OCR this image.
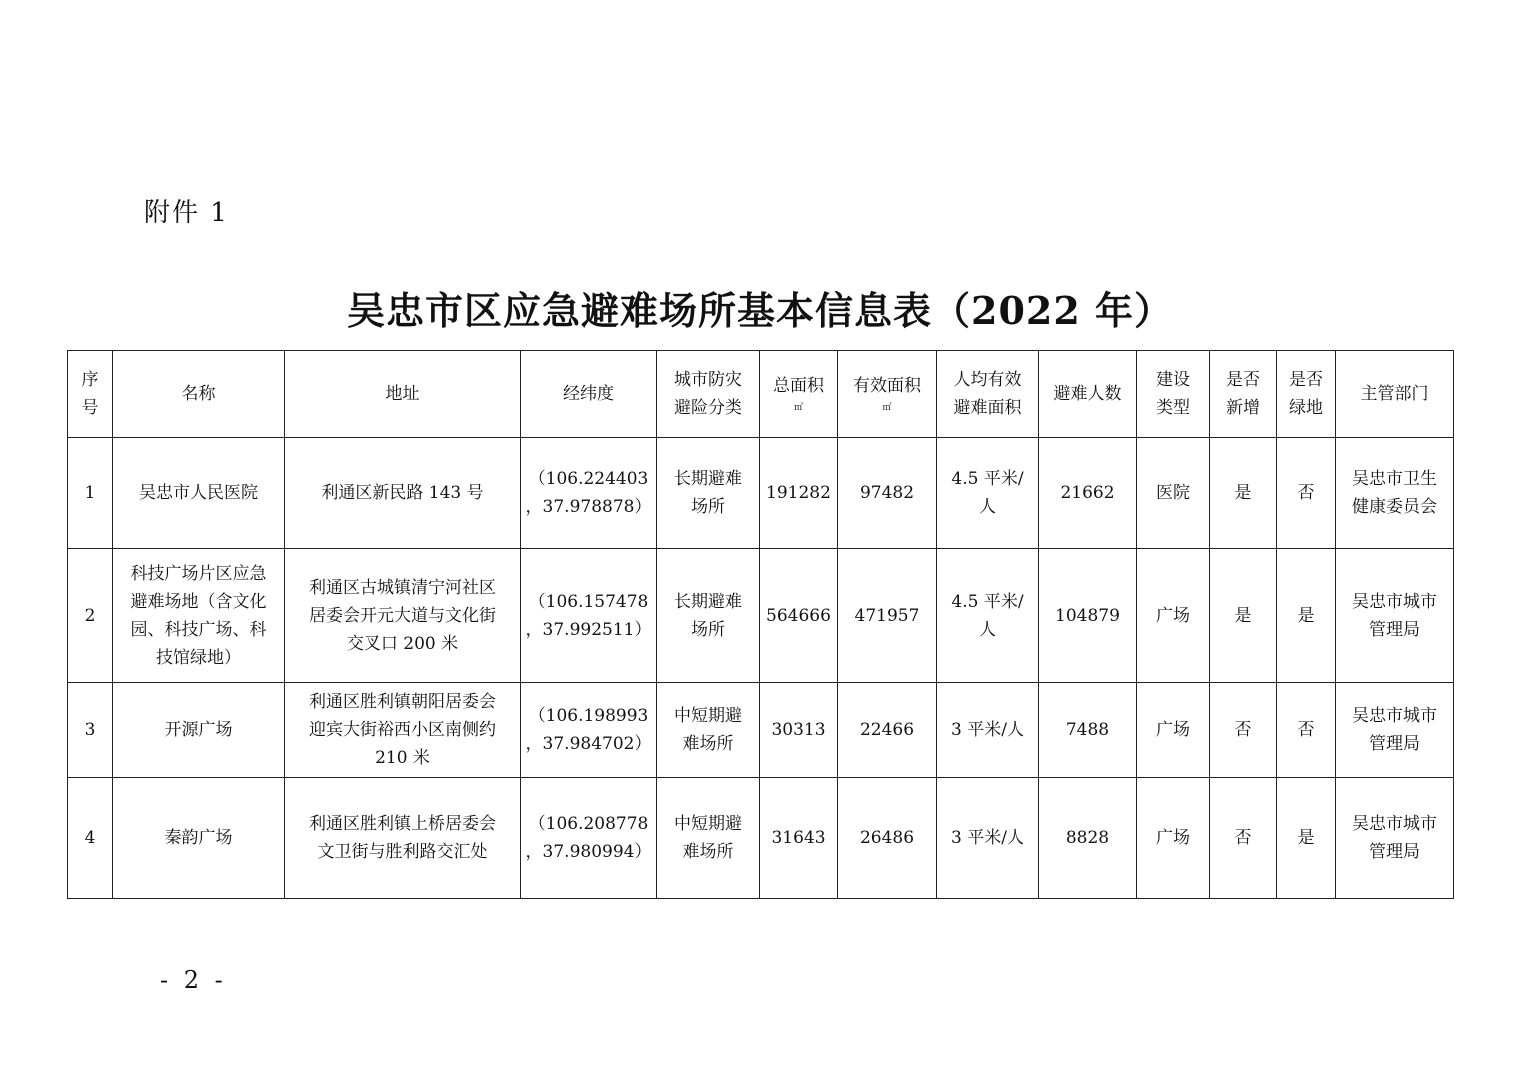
附件 1
吴忠市区应急避难场所基本信息表（2022 年）
序
号	名称	地址	经纬度	城市防灾
避险分类	总面积
㎡	有效面积
㎡	人均有效
避难面积	避难人数	建设
类型	是否
新增	是否
绿地	主管部门
1	吴忠市人民医院	利通区新民路 143 号	（106.224403
，37.978878）	长期避难
场所	191282	97482	4.5 平米/
人	21662	医院	是	否	吴忠市卫生
健康委员会

2	科技广场片区应急
避难场地（含文化
园、科技广场、科
技馆绿地）	利通区古城镇清宁河社区
居委会开元大道与文化街
交叉口 200 米	（106.157478
，37.992511）	长期避难
场所	564666	471957	4.5 平米/
人	104879	广场	是	是	吴忠市城市
管理局

3	开源广场	利通区胜利镇朝阳居委会
迎宾大街裕西小区南侧约
210 米	（106.198993
，37.984702）	中短期避
难场所	30313	22466	3 平米/人	7488	广场	否	否	吴忠市城市
管理局

4	秦韵广场	利通区胜利镇上桥居委会
文卫街与胜利路交汇处	（106.208778
，37.980994）	中短期避
难场所	31643	26486	3 平米/人	8828	广场	否	是	吴忠市城市
管理局
- 2 -
